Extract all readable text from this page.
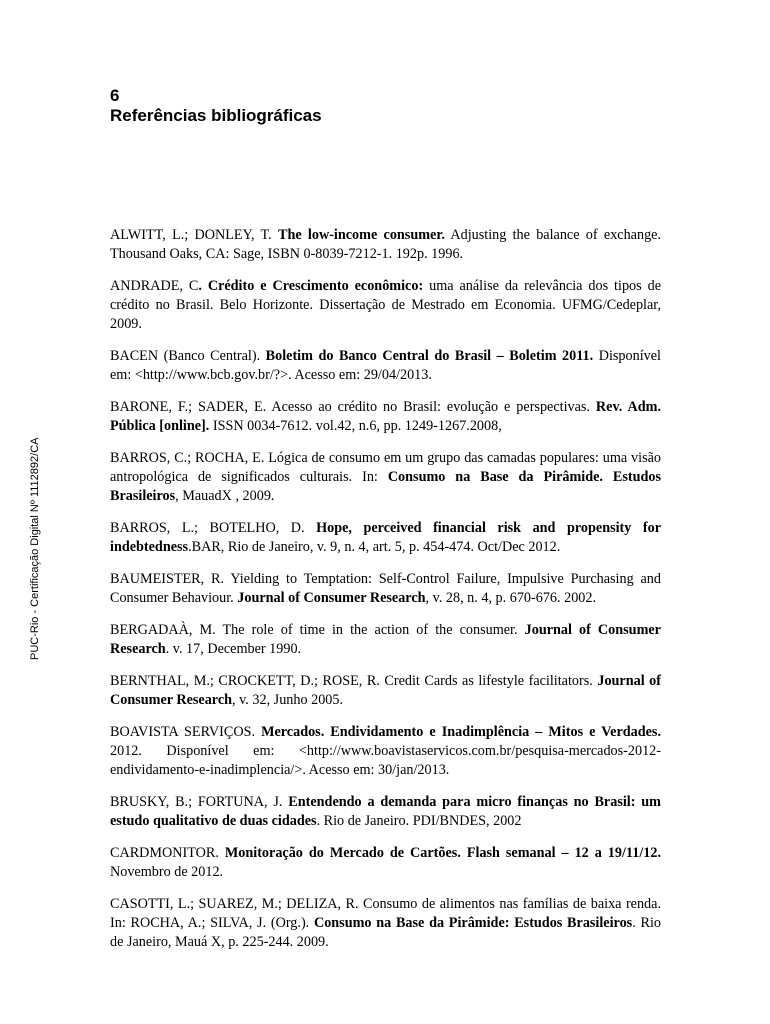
PUC-Rio - Certificação Digital Nº 1112892/CA
6
Referências bibliográficas

ALWITT, L.; DONLEY, T. The low-income consumer. Adjusting the balance of exchange. Thousand Oaks, CA: Sage, ISBN 0-8039-7212-1. 192p. 1996.

ANDRADE, C. Crédito e Crescimento econômico: uma análise da relevância dos tipos de crédito no Brasil. Belo Horizonte. Dissertação de Mestrado em Economia. UFMG/Cedeplar, 2009.

BACEN (Banco Central). Boletim do Banco Central do Brasil – Boletim 2011. Disponível em: <http://www.bcb.gov.br/?>. Acesso em: 29/04/2013.

BARONE, F.; SADER, E. Acesso ao crédito no Brasil: evolução e perspectivas. Rev. Adm. Pública [online]. ISSN 0034-7612. vol.42, n.6, pp. 1249-1267.2008,

BARROS, C.; ROCHA, E. Lógica de consumo em um grupo das camadas populares: uma visão antropológica de significados culturais. In: Consumo na Base da Pirâmide. Estudos Brasileiros, MauadX , 2009.

BARROS, L.; BOTELHO, D. Hope, perceived financial risk and propensity for indebtedness.BAR, Rio de Janeiro, v. 9, n. 4, art. 5, p. 454-474. Oct/Dec 2012.

BAUMEISTER, R. Yielding to Temptation: Self-Control Failure, Impulsive Purchasing and Consumer Behaviour. Journal of Consumer Research, v. 28, n. 4, p. 670-676. 2002.

BERGADAÀ, M. The role of time in the action of the consumer. Journal of Consumer Research. v. 17, December 1990.

BERNTHAL, M.; CROCKETT, D.; ROSE, R. Credit Cards as lifestyle facilitators. Journal of Consumer Research, v. 32, Junho 2005.

BOAVISTA SERVIÇOS. Mercados. Endividamento e Inadimplência – Mitos e Verdades. 2012. Disponível em: <http://www.boavistaservicos.com.br/pesquisa-mercados-2012-endividamento-e-inadimplencia/>. Acesso em: 30/jan/2013.

BRUSKY, B.; FORTUNA, J. Entendendo a demanda para micro finanças no Brasil: um estudo qualitativo de duas cidades. Rio de Janeiro. PDI/BNDES, 2002

CARDMONITOR. Monitoração do Mercado de Cartões. Flash semanal – 12 a 19/11/12. Novembro de 2012.

CASOTTI, L.; SUAREZ, M.; DELIZA, R. Consumo de alimentos nas famílias de baixa renda. In: ROCHA, A.; SILVA, J. (Org.). Consumo na Base da Pirâmide: Estudos Brasileiros. Rio de Janeiro, Mauá X, p. 225-244. 2009.
